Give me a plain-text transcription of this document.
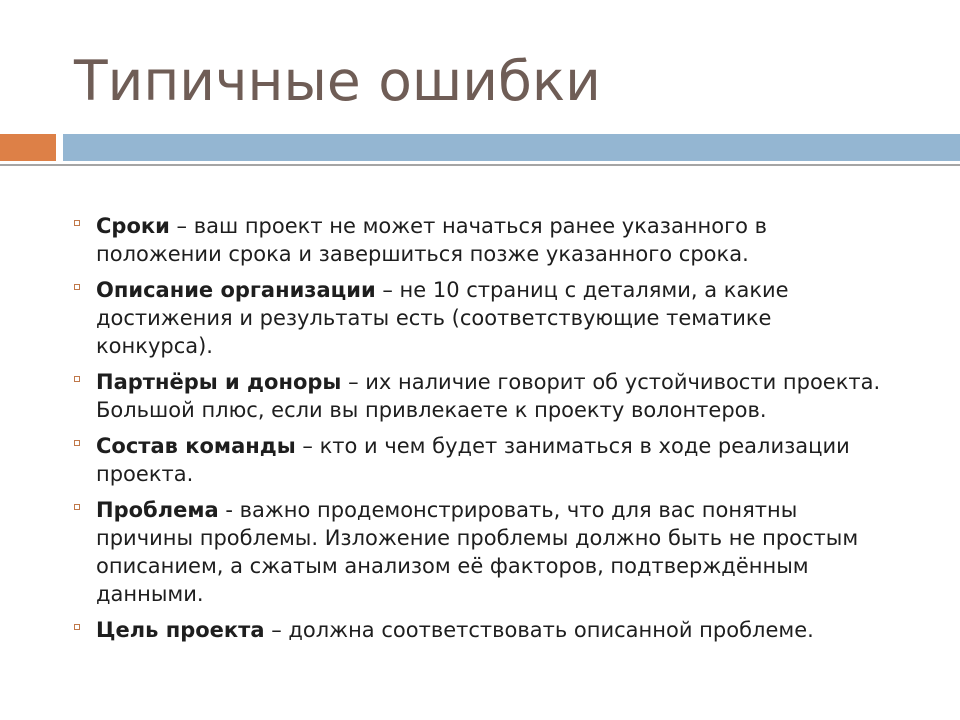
Типичные ошибки
Сроки – ваш проект не может начаться ранее указанного в положении срока и завершиться позже указанного срока.
Описание организации – не 10 страниц с деталями, а какие достижения и результаты есть (соответствующие тематике конкурса).
Партнёры и доноры – их наличие говорит об устойчивости проекта. Большой плюс, если вы привлекаете к проекту волонтеров.
Состав команды – кто и чем будет заниматься в ходе реализации проекта.
Проблема - важно продемонстрировать, что для вас понятны причины проблемы. Изложение проблемы должно быть не простым описанием, а сжатым анализом её факторов, подтверждённым данными.
Цель проекта – должна соответствовать описанной проблеме.
